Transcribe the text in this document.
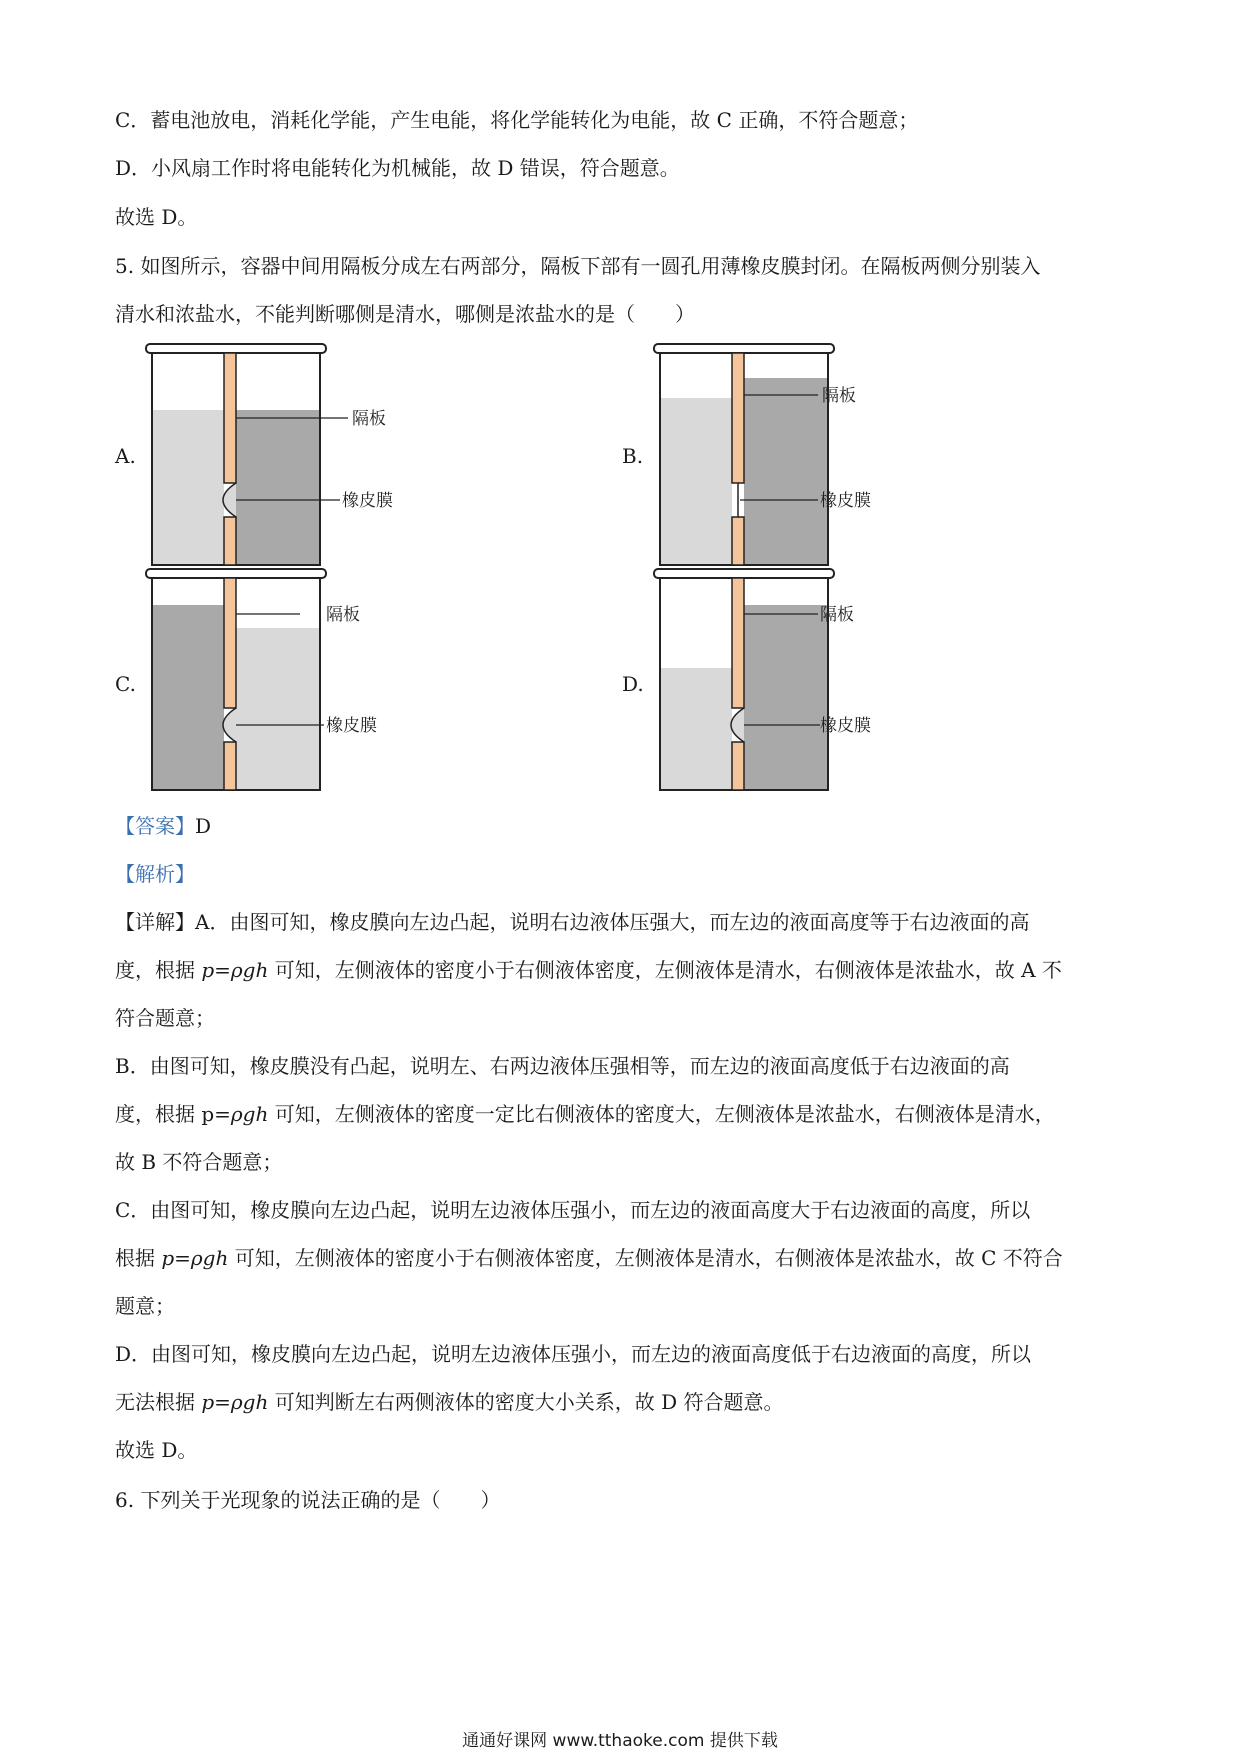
C．蓄电池放电，消耗化学能，产生电能，将化学能转化为电能，故 C 正确，不符合题意；
D．小风扇工作时将电能转化为机械能，故 D 错误，符合题意。
故选 D。
5. 如图所示，容器中间用隔板分成左右两部分，隔板下部有一圆孔用薄橡皮膜封闭。在隔板两侧分别装入
清水和浓盐水，不能判断哪侧是清水，哪侧是浓盐水的是（　　）
A.	B.
C.	D.
隔板
橡皮膜
隔板
橡皮膜
隔板
橡皮膜
隔板
橡皮膜
【答案】D
【解析】
【详解】A．由图可知，橡皮膜向左边凸起，说明右边液体压强大，而左边的液面高度等于右边液面的高
度，根据 p=ρgh 可知，左侧液体的密度小于右侧液体密度，左侧液体是清水，右侧液体是浓盐水，故 A 不
符合题意；
B．由图可知，橡皮膜没有凸起，说明左、右两边液体压强相等，而左边的液面高度低于右边液面的高
度，根据 p=ρgh 可知，左侧液体的密度一定比右侧液体的密度大，左侧液体是浓盐水，右侧液体是清水，
故 B 不符合题意；
C．由图可知，橡皮膜向左边凸起，说明左边液体压强小，而左边的液面高度大于右边液面的高度，所以
根据 p=ρgh 可知，左侧液体的密度小于右侧液体密度，左侧液体是清水，右侧液体是浓盐水，故 C 不符合
题意；
D．由图可知，橡皮膜向左边凸起，说明左边液体压强小，而左边的液面高度低于右边液面的高度，所以
无法根据 p=ρgh 可知判断左右两侧液体的密度大小关系，故 D 符合题意。
故选 D。
6. 下列关于光现象的说法正确的是（　　）
通通好课网 www.tthaoke.com 提供下载
